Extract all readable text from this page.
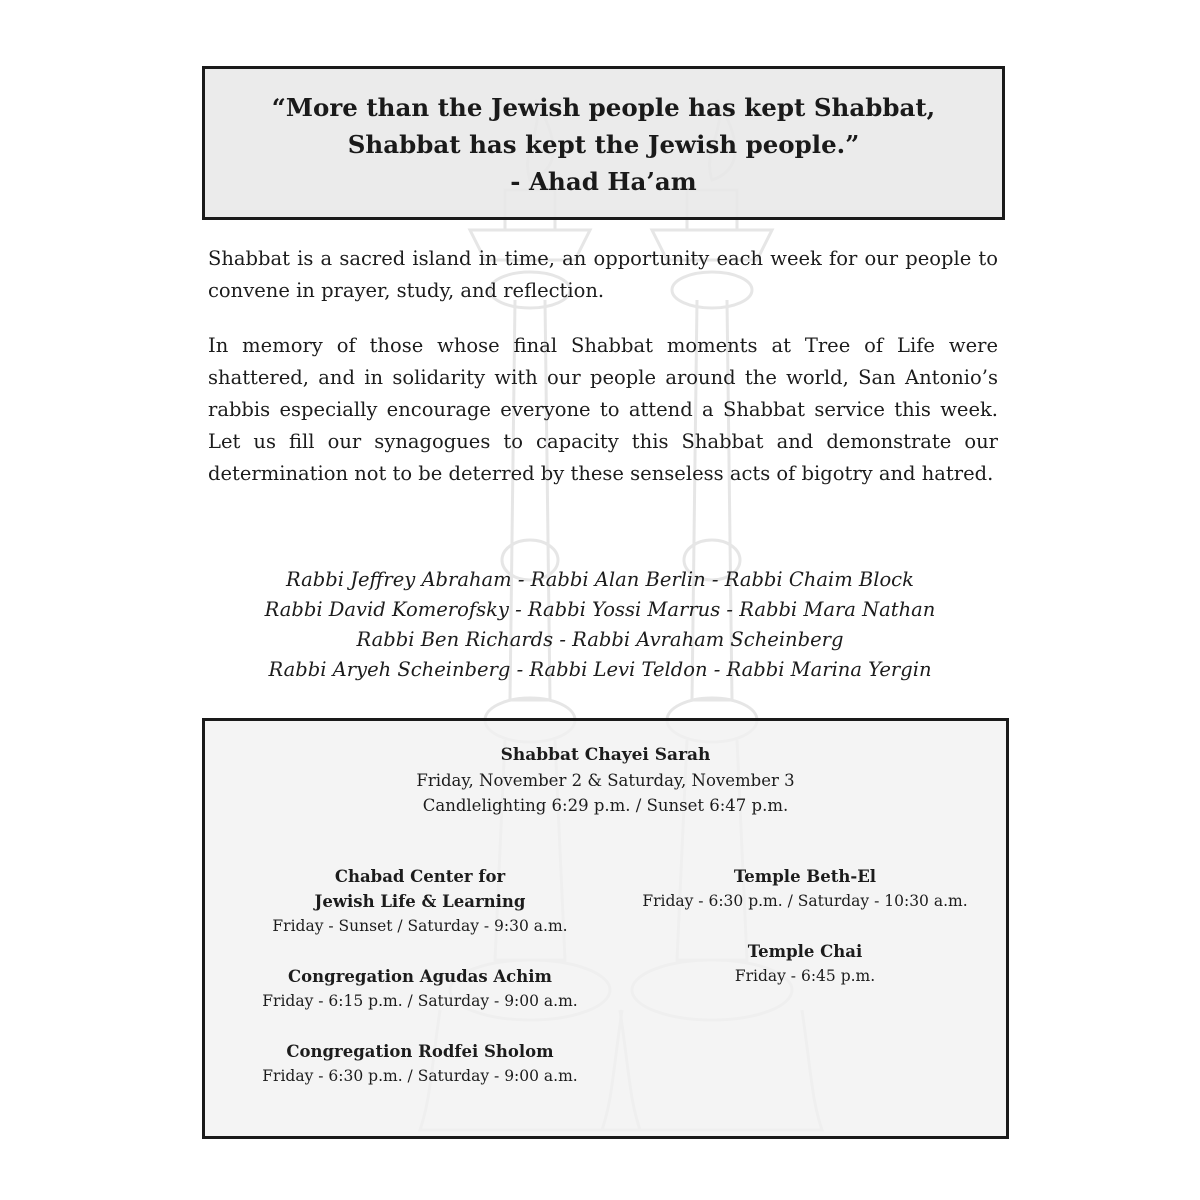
“More than the Jewish people has kept Shabbat,
Shabbat has kept the Jewish people.”
- Ahad Ha’am
Shabbat is a sacred island in time, an opportunity each week for our people to convene in prayer, study, and reflection.
In memory of those whose final Shabbat moments at Tree of Life were shattered, and in solidarity with our people around the world, San Antonio’s rabbis especially encourage everyone to attend a Shabbat service this week. Let us fill our synagogues to capacity this Shabbat and demonstrate our determination not to be deterred by these senseless acts of bigotry and hatred.
Rabbi Jeffrey Abraham - Rabbi Alan Berlin - Rabbi Chaim Block
Rabbi David Komerofsky - Rabbi Yossi Marrus - Rabbi Mara Nathan
Rabbi Ben Richards - Rabbi Avraham Scheinberg
Rabbi Aryeh Scheinberg - Rabbi Levi Teldon - Rabbi Marina Yergin
Shabbat Chayei Sarah
Friday, November 2 & Saturday, November 3
Candlelighting 6:29 p.m. / Sunset 6:47 p.m.
Chabad Center for
Jewish Life & Learning
Friday - Sunset / Saturday - 9:30 a.m.
Congregation Agudas Achim
Friday - 6:15 p.m. / Saturday - 9:00 a.m.
Congregation Rodfei Sholom
Friday - 6:30 p.m. / Saturday - 9:00 a.m.
Temple Beth-El
Friday - 6:30 p.m. / Saturday - 10:30 a.m.
Temple Chai
Friday - 6:45 p.m.
